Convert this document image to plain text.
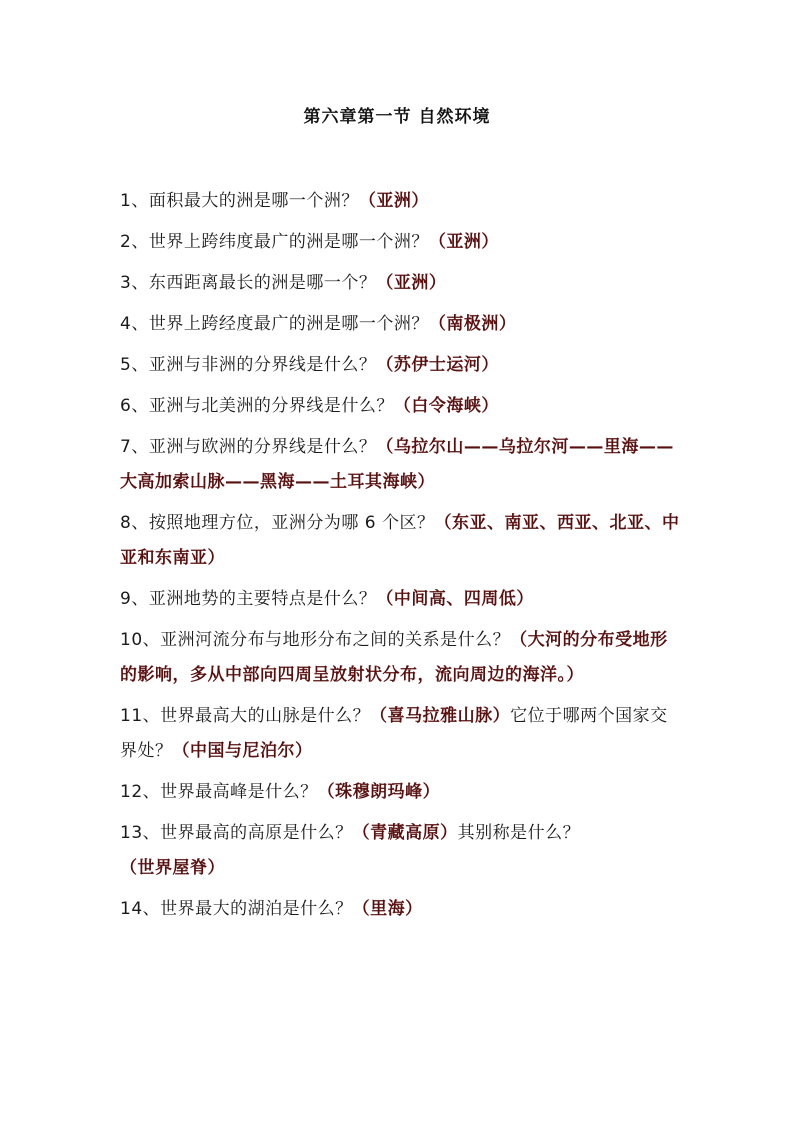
第六章第一节 自然环境
1、面积最大的洲是哪一个洲？（亚洲）
2、世界上跨纬度最广的洲是哪一个洲？（亚洲）
3、东西距离最长的洲是哪一个？（亚洲）
4、世界上跨经度最广的洲是哪一个洲？（南极洲）
5、亚洲与非洲的分界线是什么？（苏伊士运河）
6、亚洲与北美洲的分界线是什么？（白令海峡）
7、亚洲与欧洲的分界线是什么？（乌拉尔山——乌拉尔河——里海——大高加索山脉——黑海——土耳其海峡）
8、按照地理方位，亚洲分为哪 6 个区？（东亚、南亚、西亚、北亚、中亚和东南亚）
9、亚洲地势的主要特点是什么？（中间高、四周低）
10、亚洲河流分布与地形分布之间的关系是什么？（大河的分布受地形的影响，多从中部向四周呈放射状分布，流向周边的海洋。）
11、世界最高大的山脉是什么？（喜马拉雅山脉）它位于哪两个国家交界处？（中国与尼泊尔）
12、世界最高峰是什么？（珠穆朗玛峰）
13、世界最高的高原是什么？（青藏高原）其别称是什么？（世界屋脊）
14、世界最大的湖泊是什么？（里海）
